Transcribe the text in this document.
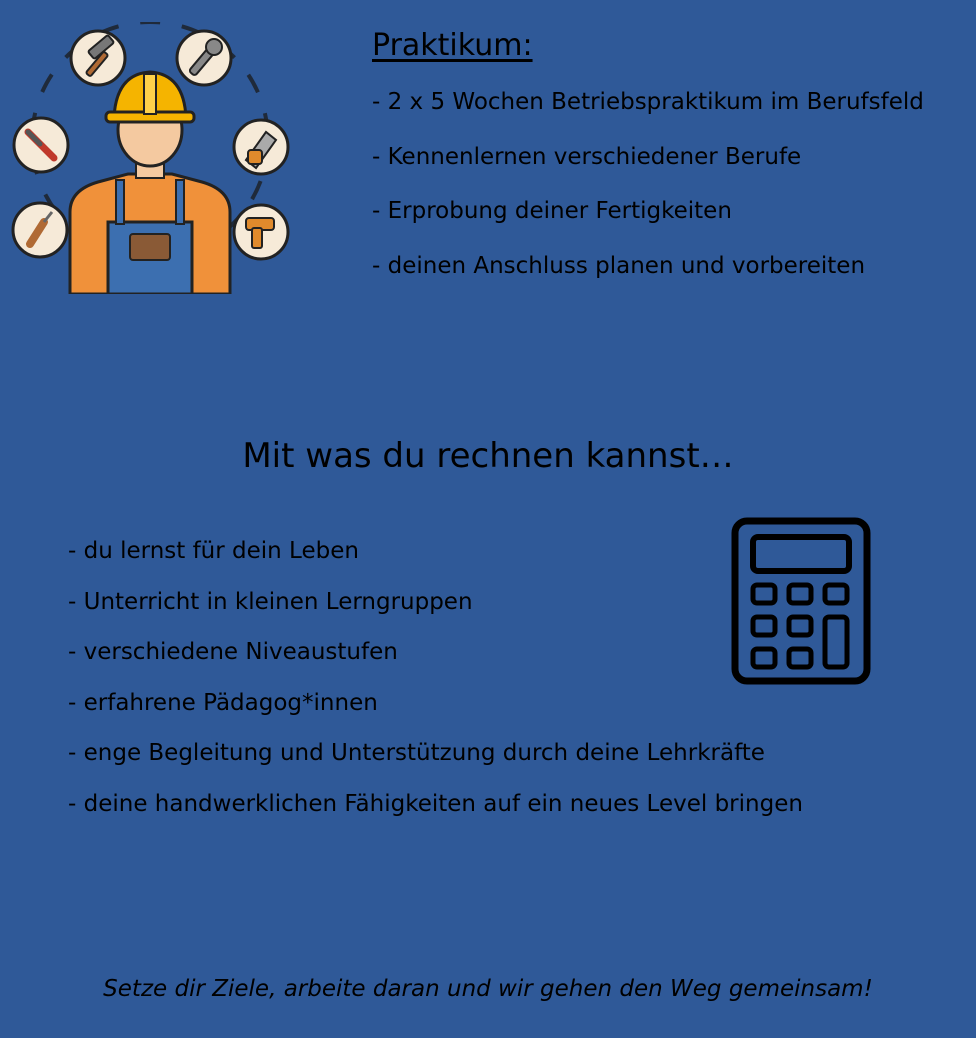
Praktikum:
- 2 x 5 Wochen Betriebspraktikum im Berufsfeld
- Kennenlernen verschiedener Berufe
- Erprobung deiner Fertigkeiten
- deinen Anschluss planen und vorbereiten
Mit was du rechnen kannst…
- du lernst für dein Leben
- Unterricht in kleinen Lerngruppen
- verschiedene Niveaustufen
- erfahrene Pädagog*innen
- enge Begleitung und Unterstützung durch deine Lehrkräfte
- deine handwerklichen Fähigkeiten auf ein neues Level bringen
Setze dir Ziele, arbeite daran und wir gehen den Weg gemeinsam!
